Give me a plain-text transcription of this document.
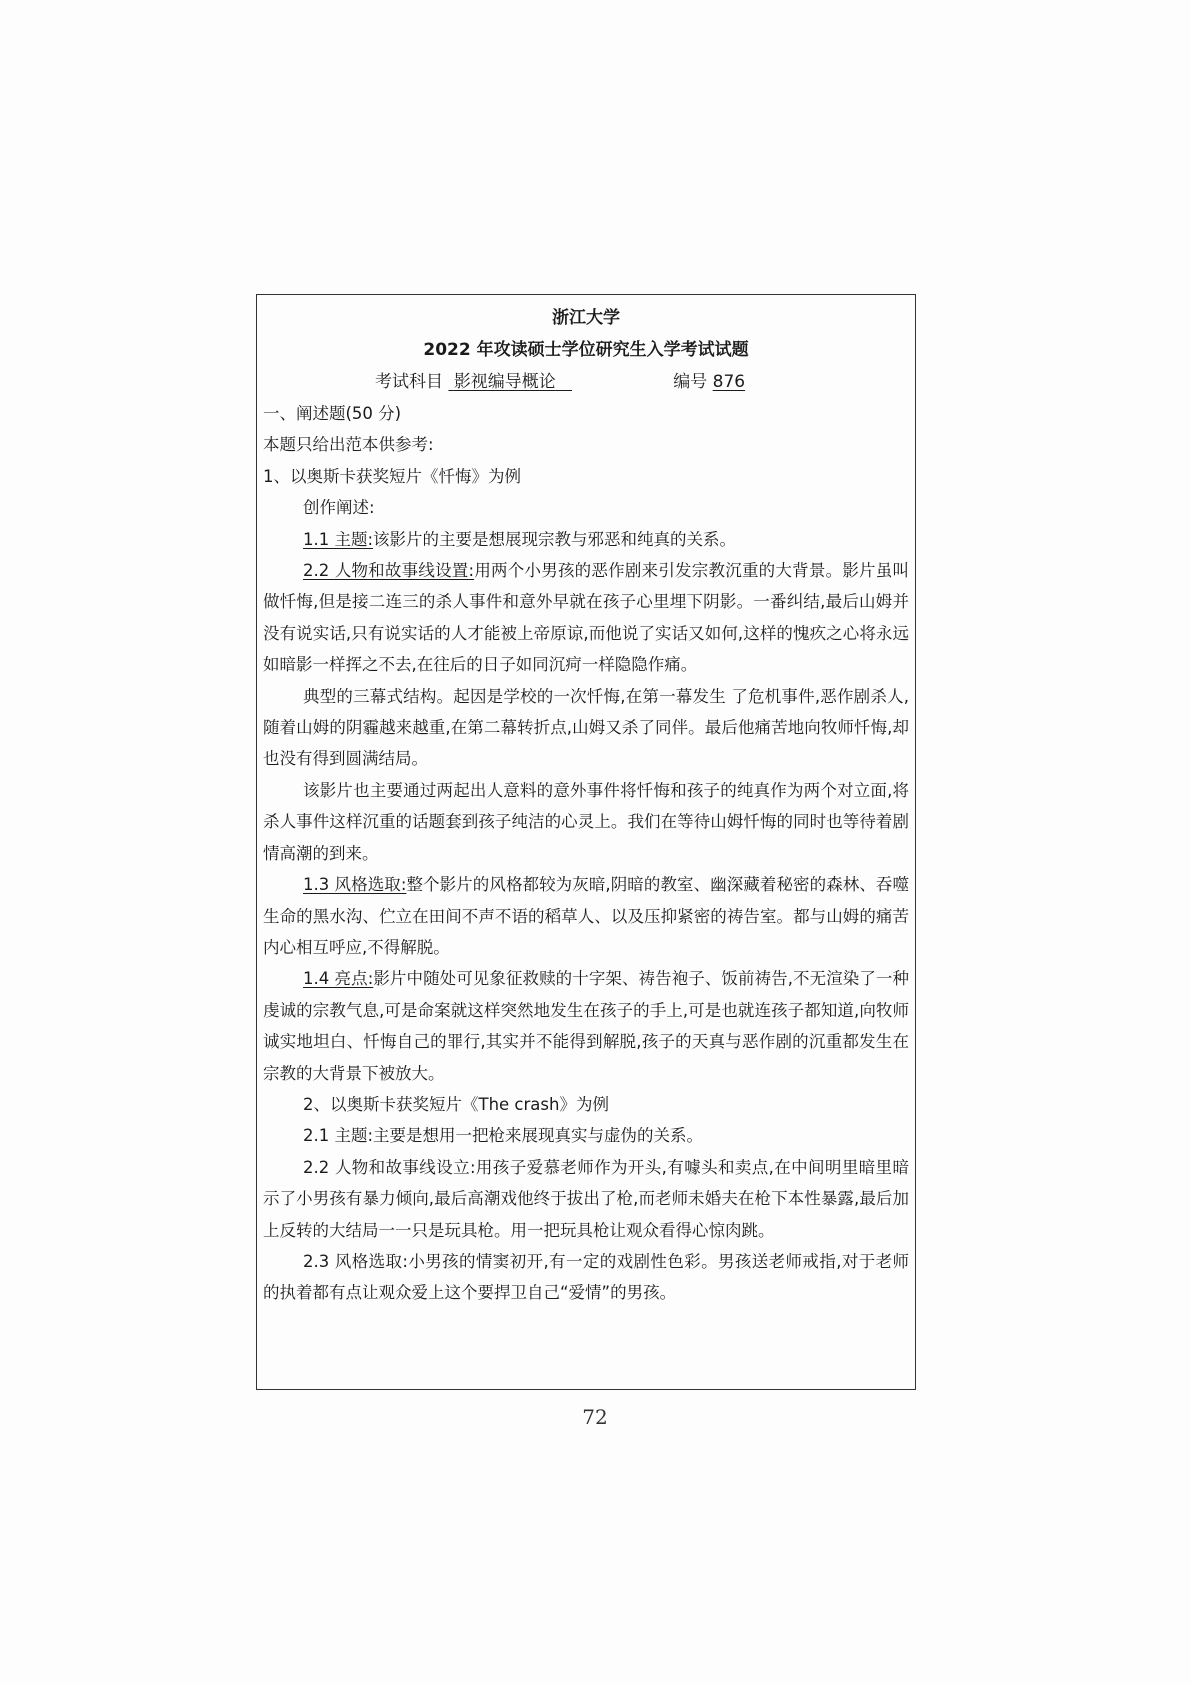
浙江大学
2022 年攻读硕士学位研究生入学考试试题
考试科目 影视编导概论	编号 876

一、阐述题(50 分)

本题只给出范本供参考:

1、以奥斯卡获奖短片《忏悔》为例

创作阐述:

1.1 主题:该影片的主要是想展现宗教与邪恶和纯真的关系。

2.2 人物和故事线设置:用两个小男孩的恶作剧来引发宗教沉重的大背景。影片虽叫做忏悔,但是接二连三的杀人事件和意外早就在孩子心里埋下阴影。一番纠结,最后山姆并没有说实话,只有说实话的人才能被上帝原谅,而他说了实话又如何,这样的愧疚之心将永远如暗影一样挥之不去,在往后的日子如同沉疴一样隐隐作痛。

典型的三幕式结构。起因是学校的一次忏悔,在第一幕发生 了危机事件,恶作剧杀人,随着山姆的阴霾越来越重,在第二幕转折点,山姆又杀了同伴。最后他痛苦地向牧师忏悔,却也没有得到圆满结局。

该影片也主要通过两起出人意料的意外事件将忏悔和孩子的纯真作为两个对立面,将杀人事件这样沉重的话题套到孩子纯洁的心灵上。我们在等待山姆忏悔的同时也等待着剧情高潮的到来。

1.3 风格选取:整个影片的风格都较为灰暗,阴暗的教室、幽深藏着秘密的森林、吞噬生命的黑水沟、伫立在田间不声不语的稻草人、以及压抑紧密的祷告室。都与山姆的痛苦内心相互呼应,不得解脱。

1.4 亮点:影片中随处可见象征救赎的十字架、祷告袍子、饭前祷告,不无渲染了一种虔诚的宗教气息,可是命案就这样突然地发生在孩子的手上,可是也就连孩子都知道,向牧师诚实地坦白、忏悔自己的罪行,其实并不能得到解脱,孩子的天真与恶作剧的沉重都发生在宗教的大背景下被放大。

2、以奥斯卡获奖短片《The crash》为例

2.1 主题:主要是想用一把枪来展现真实与虚伪的关系。

2.2 人物和故事线设立:用孩子爱慕老师作为开头,有噱头和卖点,在中间明里暗里暗示了小男孩有暴力倾向,最后高潮戏他终于拔出了枪,而老师未婚夫在枪下本性暴露,最后加上反转的大结局一一只是玩具枪。用一把玩具枪让观众看得心惊肉跳。

2.3 风格选取:小男孩的情窦初开,有一定的戏剧性色彩。男孩送老师戒指,对于老师的执着都有点让观众爱上这个要捍卫自己“爱情”的男孩。

72
